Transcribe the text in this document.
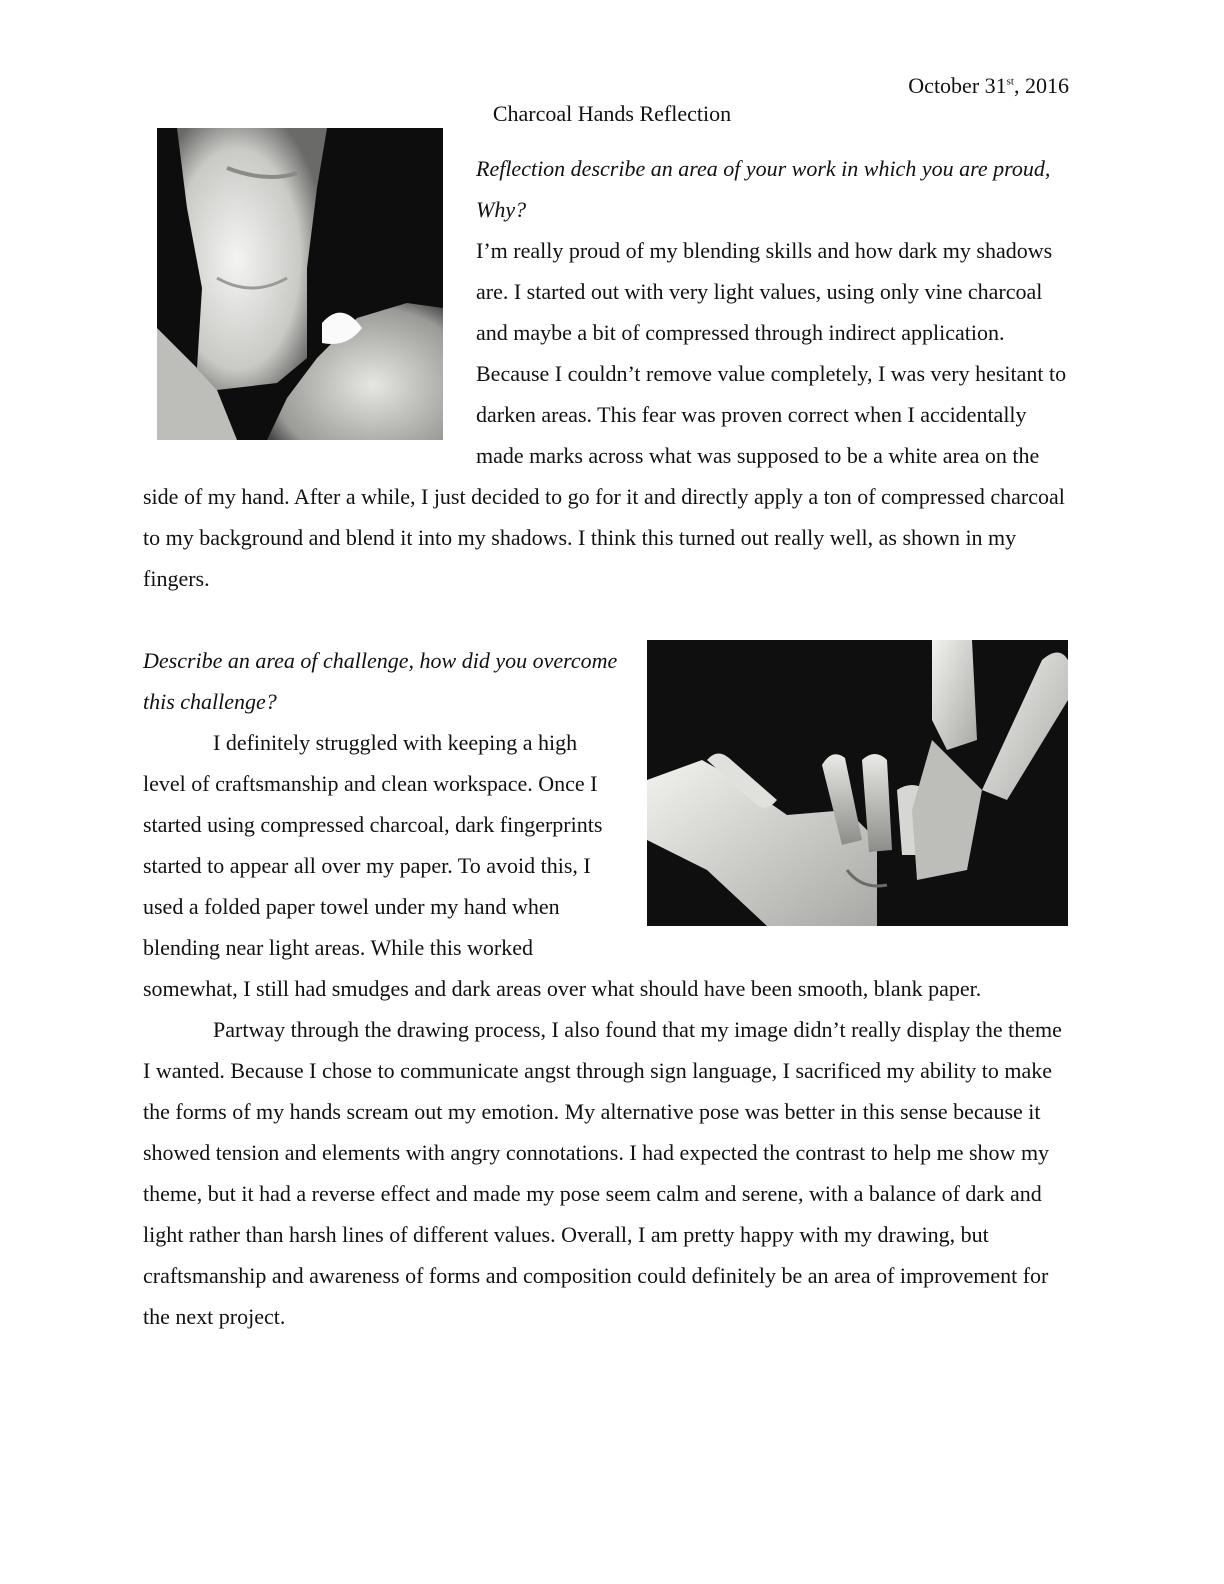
October 31st, 2016
Charcoal Hands Reflection

Reflection describe an area of your work in which you are proud, Why?

I’m really proud of my blending skills and how dark my shadows are. I started out with very light values, using only vine charcoal and maybe a bit of compressed through indirect application. Because I couldn’t remove value completely, I was very hesitant to darken areas. This fear was proven correct when I accidentally made marks across what was supposed to be a white area on the side of my hand. After a while, I just decided to go for it and directly apply a ton of compressed charcoal to my background and blend it into my shadows. I think this turned out really well, as shown in my fingers.

Describe an area of challenge, how did you overcome this challenge?

I definitely struggled with keeping a high level of craftsmanship and clean workspace. Once I started using compressed charcoal, dark fingerprints started to appear all over my paper. To avoid this, I used a folded paper towel under my hand when blending near light areas. While this worked somewhat, I still had smudges and dark areas over what should have been smooth, blank paper.

Partway through the drawing process, I also found that my image didn’t really display the theme I wanted. Because I chose to communicate angst through sign language, I sacrificed my ability to make the forms of my hands scream out my emotion. My alternative pose was better in this sense because it showed tension and elements with angry connotations. I had expected the contrast to help me show my theme, but it had a reverse effect and made my pose seem calm and serene, with a balance of dark and light rather than harsh lines of different values. Overall, I am pretty happy with my drawing, but craftsmanship and awareness of forms and composition could definitely be an area of improvement for the next project.
